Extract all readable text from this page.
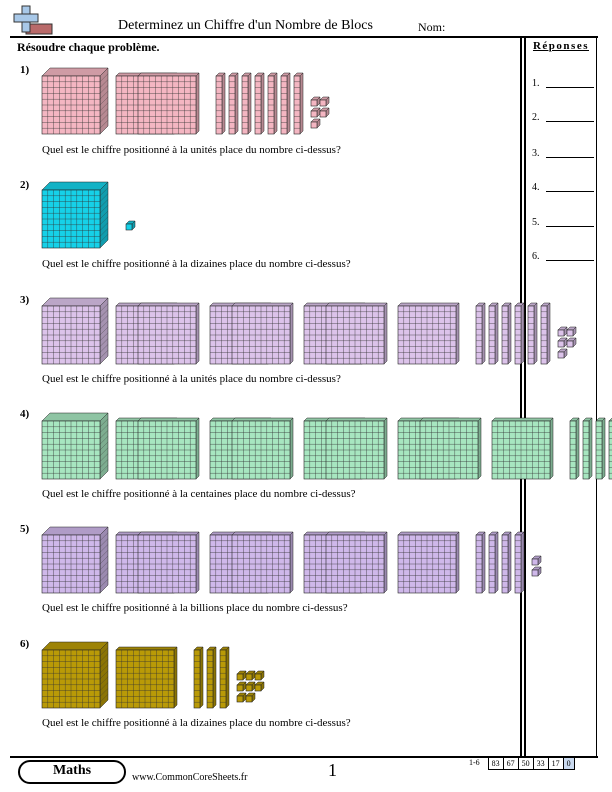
Determinez un Chiffre d'un Nombre de Blocs	Nom:
Résoudre chaque problème.	Réponses
1.
2.
3.
4.
5.
6.
1)
Quel est le chiffre positionné à la unités place du nombre ci-dessus?
2)
Quel est le chiffre positionné à la dizaines place du nombre ci-dessus?
3)
Quel est le chiffre positionné à la unités place du nombre ci-dessus?
4)
Quel est le chiffre positionné à la centaines place du nombre ci-dessus?
5)
Quel est le chiffre positionné à la billions place du nombre ci-dessus?
6)
Quel est le chiffre positionné à la dizaines place du nombre ci-dessus?
Maths	www.CommonCoreSheets.fr	1	1-6	83 67 50 33 17 0
